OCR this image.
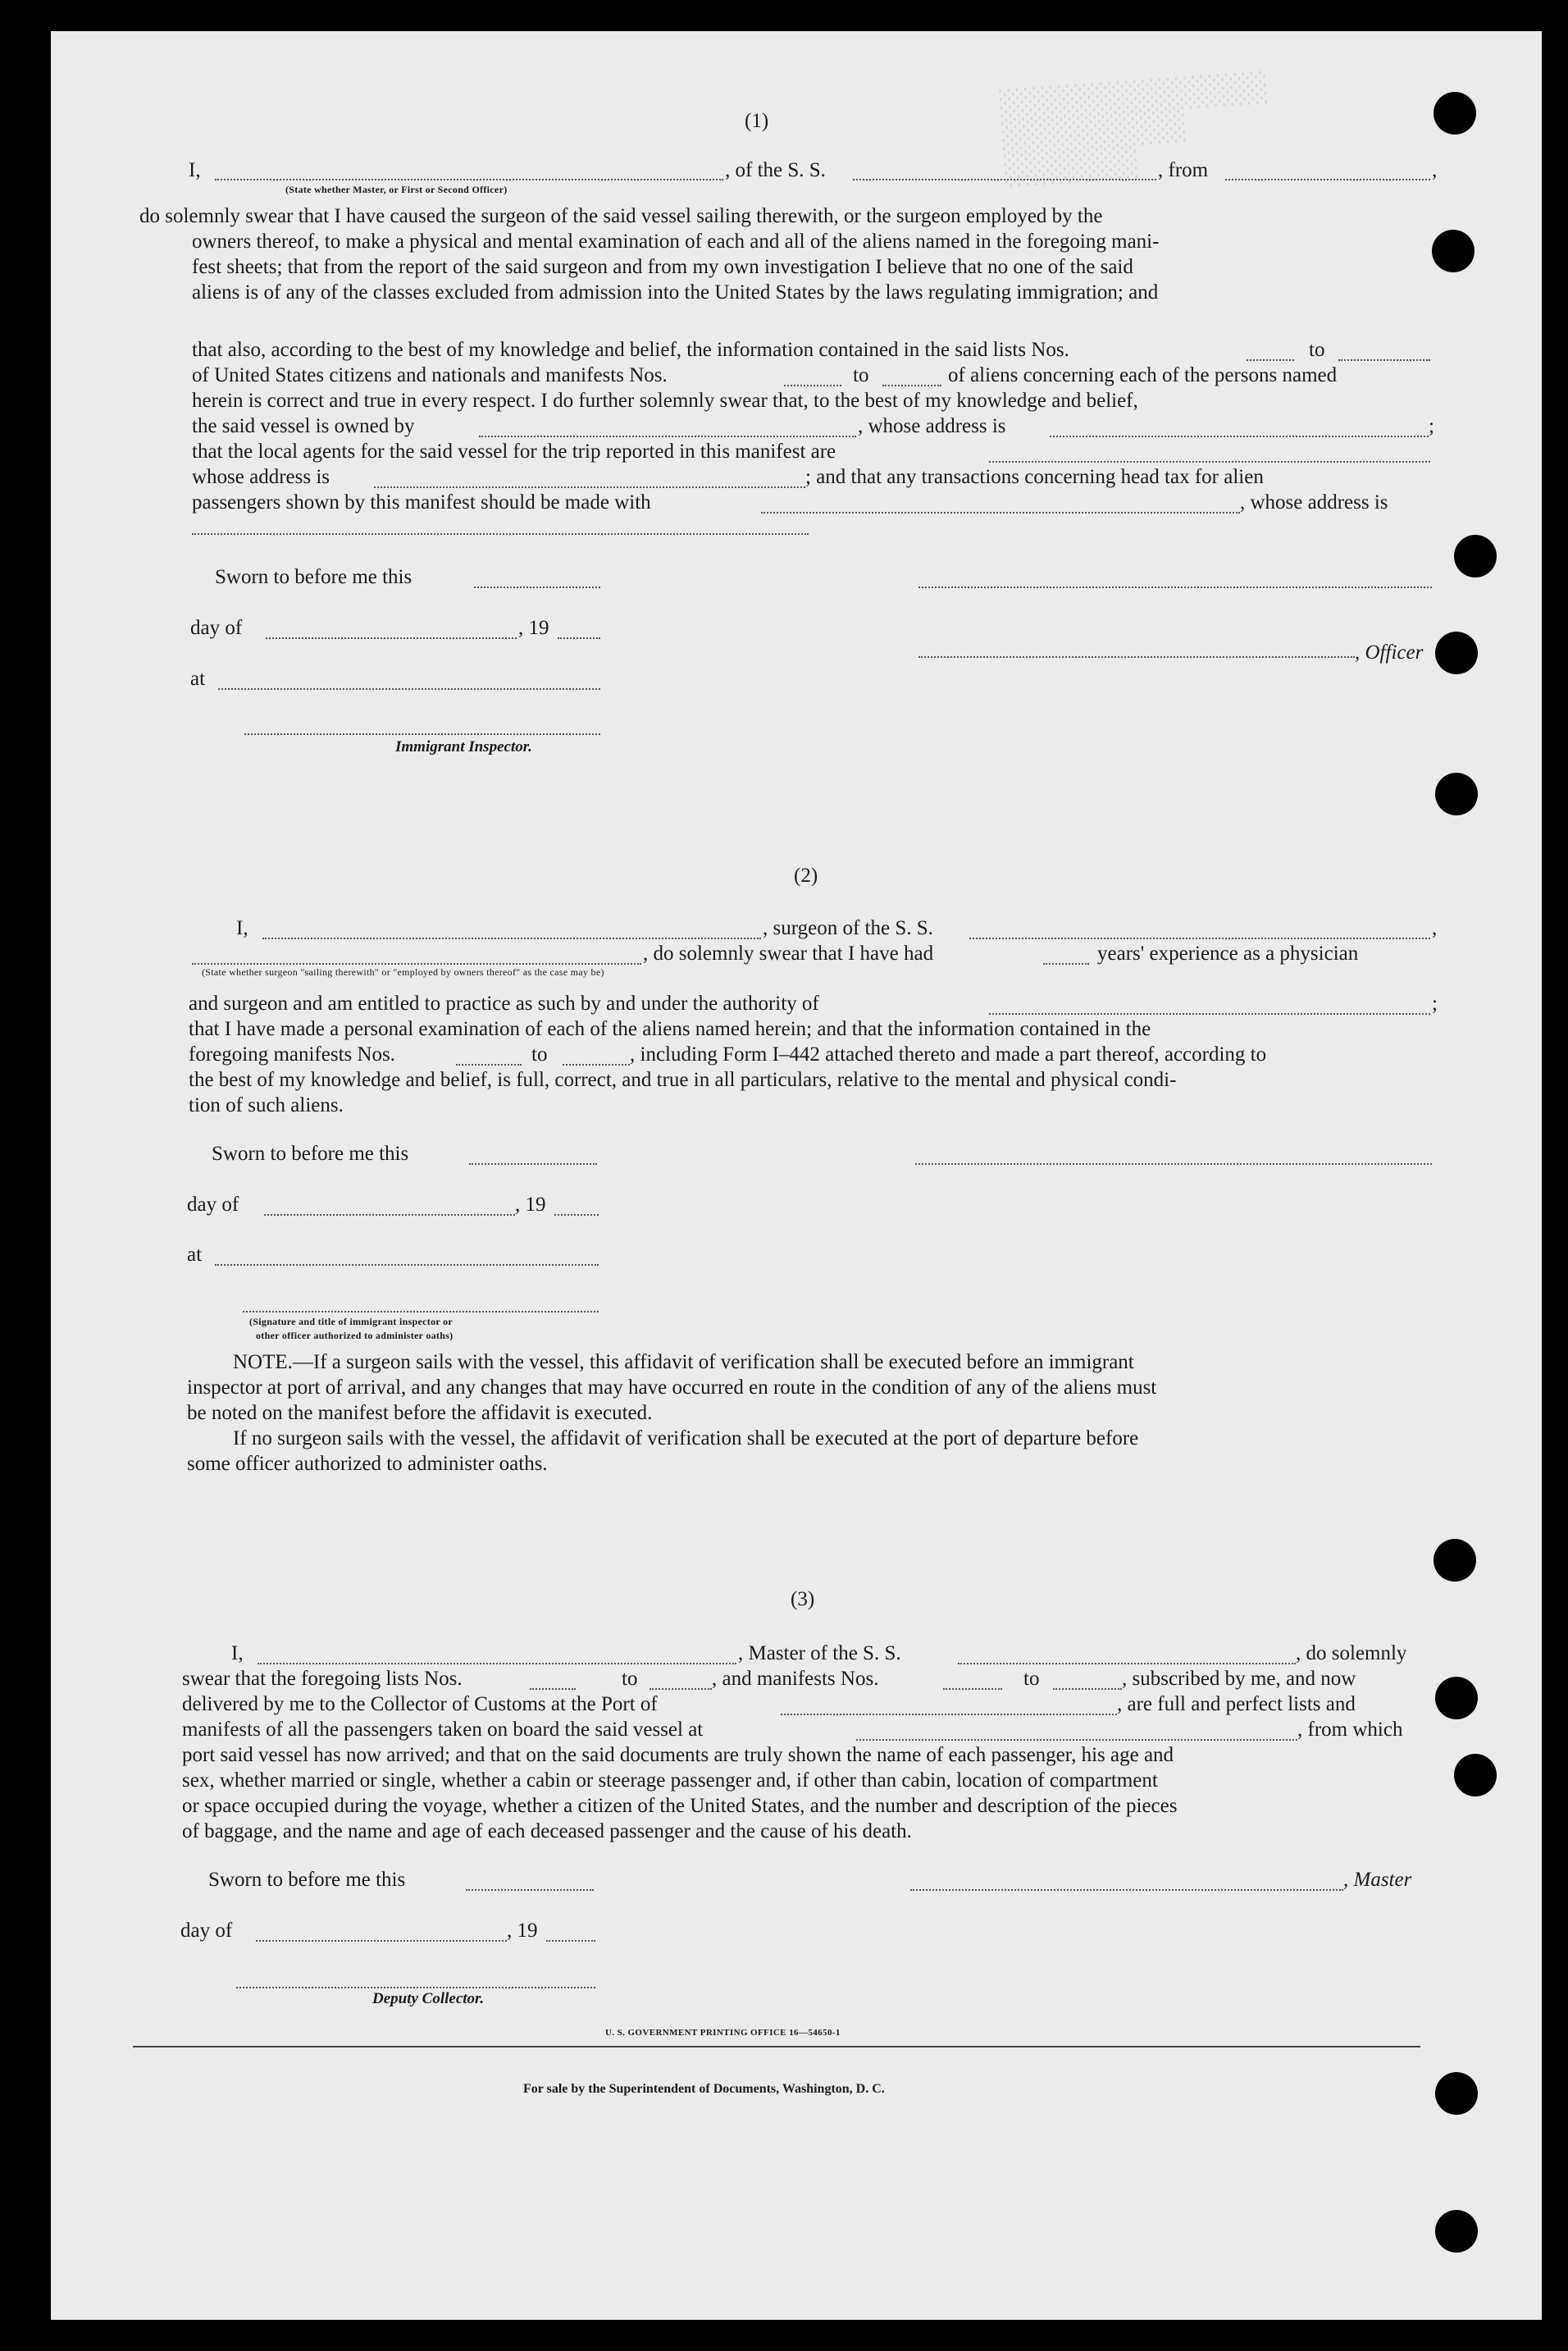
░░░░░░░░░░░░░░░░
░░░░░░░░░░░
░░░░░░░░
(1)
I,	, of the S. S.	, from	,
(State whether Master, or First or Second Officer)
do solemnly swear that I have caused the surgeon of the said vessel sailing therewith, or the surgeon employed by the
owners thereof, to make a physical and mental examination of each and all of the aliens named in the foregoing mani-
fest sheets; that from the report of the said surgeon and from my own investigation I believe that no one of the said
aliens is of any of the classes excluded from admission into the United States by the laws regulating immigration; and
that also, according to the best of my knowledge and belief, the information contained in the said lists Nos.	to
of United States citizens and nationals and manifests Nos.	to	of aliens concerning each of the persons named
herein is correct and true in every respect. I do further solemnly swear that, to the best of my knowledge and belief,
the said vessel is owned by	, whose address is	;
that the local agents for the said vessel for the trip reported in this manifest are
whose address is	; and that any transactions concerning head tax for alien
passengers shown by this manifest should be made with	, whose address is
Sworn to before me this
day of	, 19
, Officer
at
Immigrant Inspector.
(2)
I,	, surgeon of the S. S.	,
, do solemnly swear that I have had	years' experience as a physician
(State whether surgeon "sailing therewith" or "employed by owners thereof" as the case may be)
and surgeon and am entitled to practice as such by and under the authority of	;
that I have made a personal examination of each of the aliens named herein; and that the information contained in the
foregoing manifests Nos.	to	, including Form I–442 attached thereto and made a part thereof, according to
the best of my knowledge and belief, is full, correct, and true in all particulars, relative to the mental and physical condi-
tion of such aliens.
Sworn to before me this
day of	, 19
at
(Signature and title of immigrant inspector or
other officer authorized to administer oaths)
NOTE.—If a surgeon sails with the vessel, this affidavit of verification shall be executed before an immigrant
inspector at port of arrival, and any changes that may have occurred en route in the condition of any of the aliens must
be noted on the manifest before the affidavit is executed.
If no surgeon sails with the vessel, the affidavit of verification shall be executed at the port of departure before
some officer authorized to administer oaths.
(3)
I,	, Master of the S. S.	, do solemnly
swear that the foregoing lists Nos.	to	, and manifests Nos.	to	, subscribed by me, and now
delivered by me to the Collector of Customs at the Port of	, are full and perfect lists and
manifests of all the passengers taken on board the said vessel at	, from which
port said vessel has now arrived; and that on the said documents are truly shown the name of each passenger, his age and
sex, whether married or single, whether a cabin or steerage passenger and, if other than cabin, location of compartment
or space occupied during the voyage, whether a citizen of the United States, and the number and description of the pieces
of baggage, and the name and age of each deceased passenger and the cause of his death.
Sworn to before me this	, Master
day of	, 19
Deputy Collector.
U. S. GOVERNMENT PRINTING OFFICE 16—54650-1
For sale by the Superintendent of Documents, Washington, D. C.
